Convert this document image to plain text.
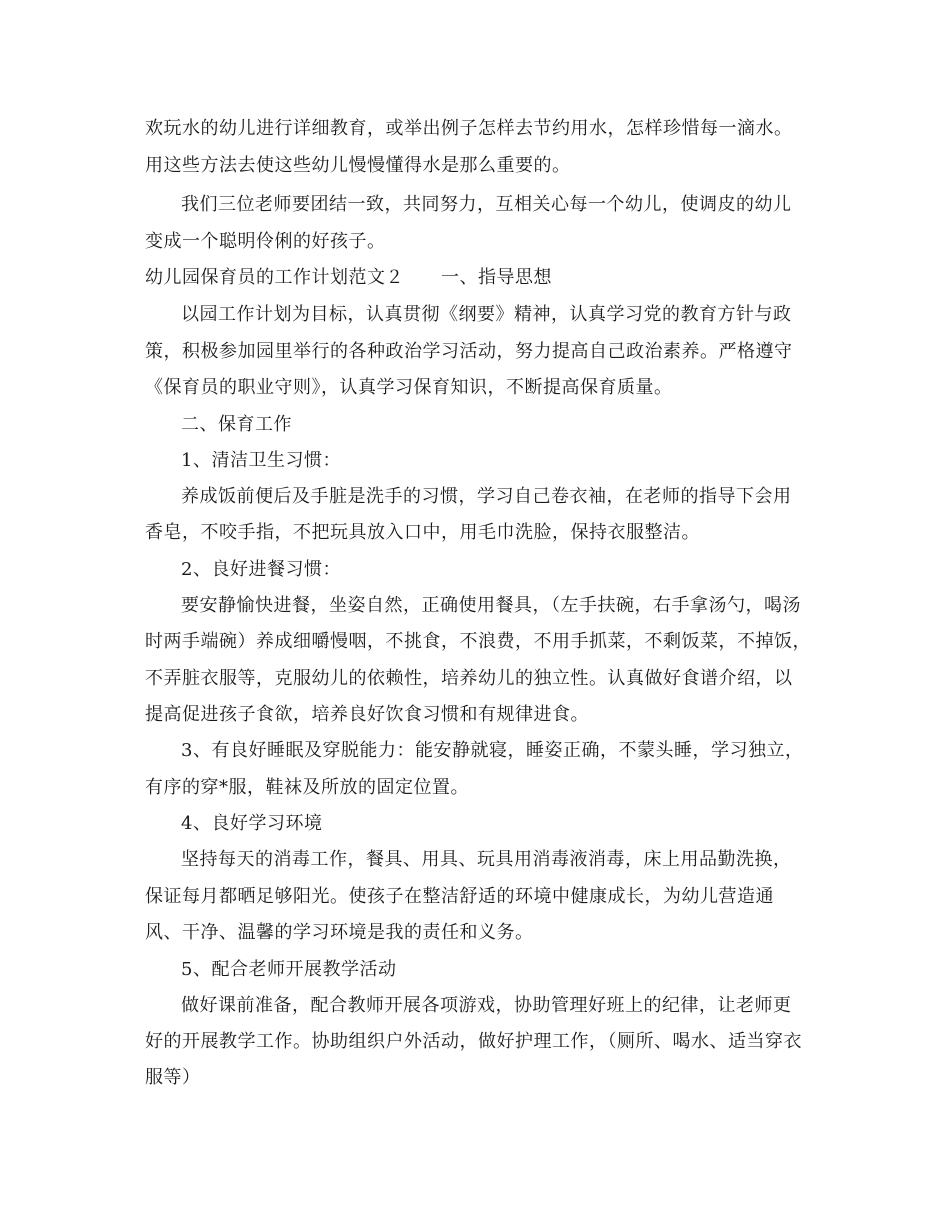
欢玩水的幼儿进行详细教育，或举出例子怎样去节约用水，怎样珍惜每一滴水。
用这些方法去使这些幼儿慢慢懂得水是那么重要的。
我们三位老师要团结一致，共同努力，互相关心每一个幼儿，使调皮的幼儿
变成一个聪明伶俐的好孩子。
幼儿园保育员的工作计划范文２　　一、指导思想
以园工作计划为目标，认真贯彻《纲要》精神，认真学习党的教育方针与政
策，积极参加园里举行的各种政治学习活动，努力提高自己政治素养。严格遵守
《保育员的职业守则》，认真学习保育知识，不断提高保育质量。
二、保育工作
1、清洁卫生习惯：
养成饭前便后及手脏是洗手的习惯，学习自己卷衣袖，在老师的指导下会用
香皂，不咬手指，不把玩具放入口中，用毛巾洗脸，保持衣服整洁。
2、良好进餐习惯：
要安静愉快进餐，坐姿自然，正确使用餐具，（左手扶碗，右手拿汤勺，喝汤
时两手端碗）养成细嚼慢咽，不挑食，不浪费，不用手抓菜，不剩饭菜，不掉饭，
不弄脏衣服等，克服幼儿的依赖性，培养幼儿的独立性。认真做好食谱介绍，以
提高促进孩子食欲，培养良好饮食习惯和有规律进食。
3、有良好睡眠及穿脱能力：能安静就寝，睡姿正确，不蒙头睡，学习独立，
有序的穿*服，鞋袜及所放的固定位置。
4、良好学习环境
坚持每天的消毒工作，餐具、用具、玩具用消毒液消毒，床上用品勤洗换，
保证每月都晒足够阳光。使孩子在整洁舒适的环境中健康成长，为幼儿营造通
风、干净、温馨的学习环境是我的责任和义务。
5、配合老师开展教学活动
做好课前准备，配合教师开展各项游戏，协助管理好班上的纪律，让老师更
好的开展教学工作。协助组织户外活动，做好护理工作，（厕所、喝水、适当穿衣
服等）
